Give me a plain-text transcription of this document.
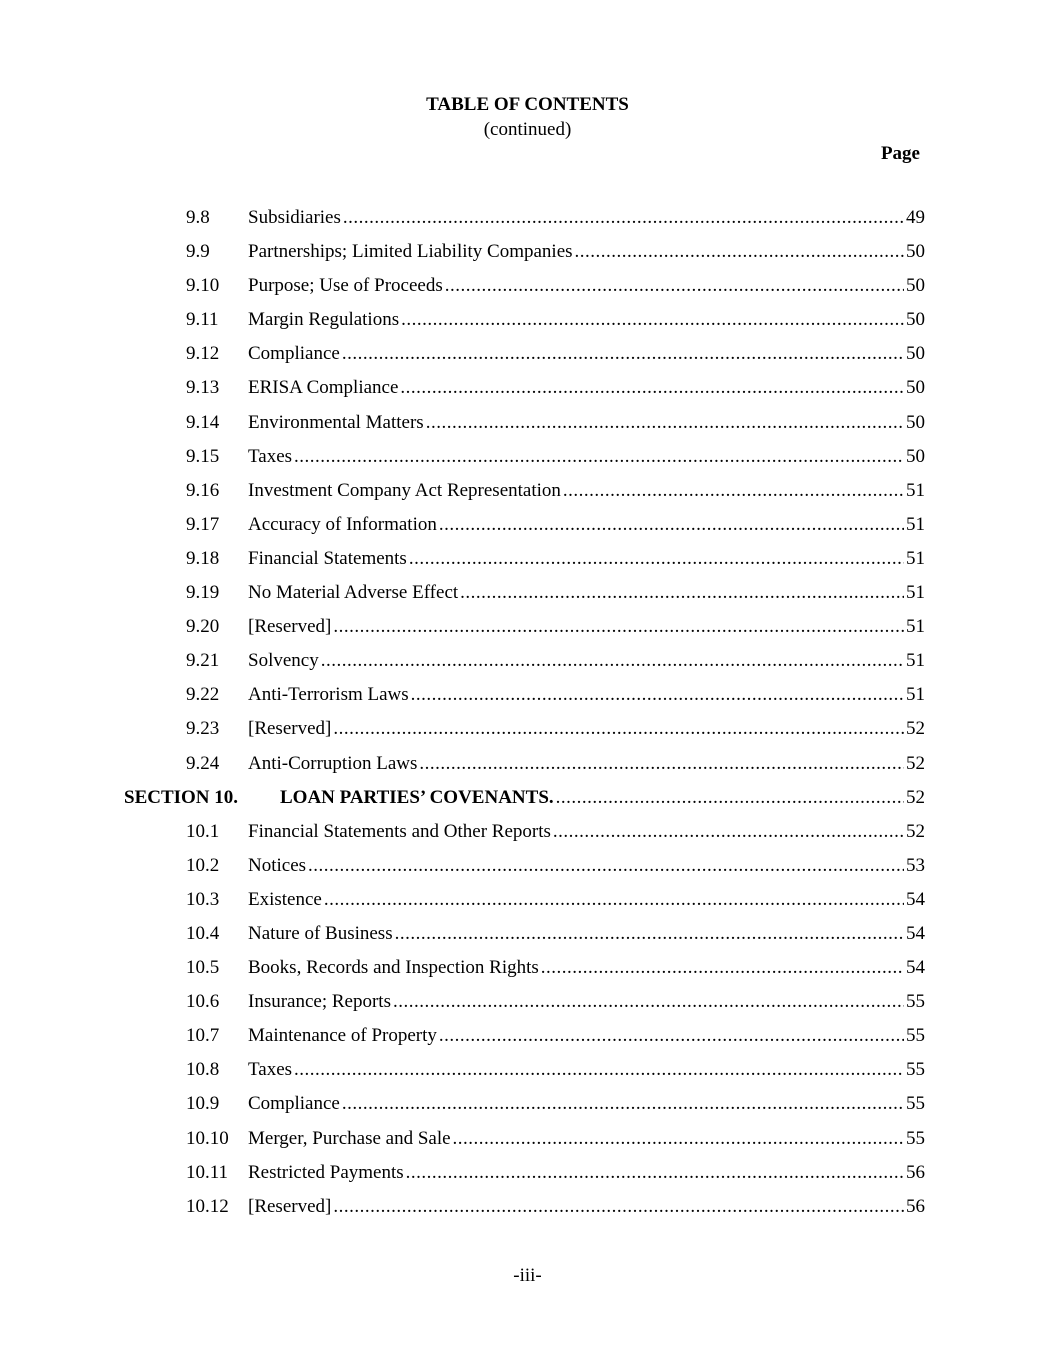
TABLE OF CONTENTS
(continued)
Page
9.8 Subsidiaries .....	49
9.9 Partnerships; Limited Liability Companies .....	50
9.10 Purpose; Use of Proceeds .....	50
9.11 Margin Regulations .....	50
9.12 Compliance .....	50
9.13 ERISA Compliance .....	50
9.14 Environmental Matters .....	50
9.15 Taxes .....	50
9.16 Investment Company Act Representation .....	51
9.17 Accuracy of Information .....	51
9.18 Financial Statements .....	51
9.19 No Material Adverse Effect .....	51
9.20 [Reserved] .....	51
9.21 Solvency .....	51
9.22 Anti-Terrorism Laws .....	51
9.23 [Reserved] .....	52
9.24 Anti-Corruption Laws .....	52
SECTION 10. LOAN PARTIES’ COVENANTS. .....	52
10.1 Financial Statements and Other Reports .....	52
10.2 Notices .....	53
10.3 Existence .....	54
10.4 Nature of Business .....	54
10.5 Books, Records and Inspection Rights .....	54
10.6 Insurance; Reports .....	55
10.7 Maintenance of Property .....	55
10.8 Taxes .....	55
10.9 Compliance .....	55
10.10 Merger, Purchase and Sale .....	55
10.11 Restricted Payments .....	56
10.12 [Reserved] .....	56
-iii-
